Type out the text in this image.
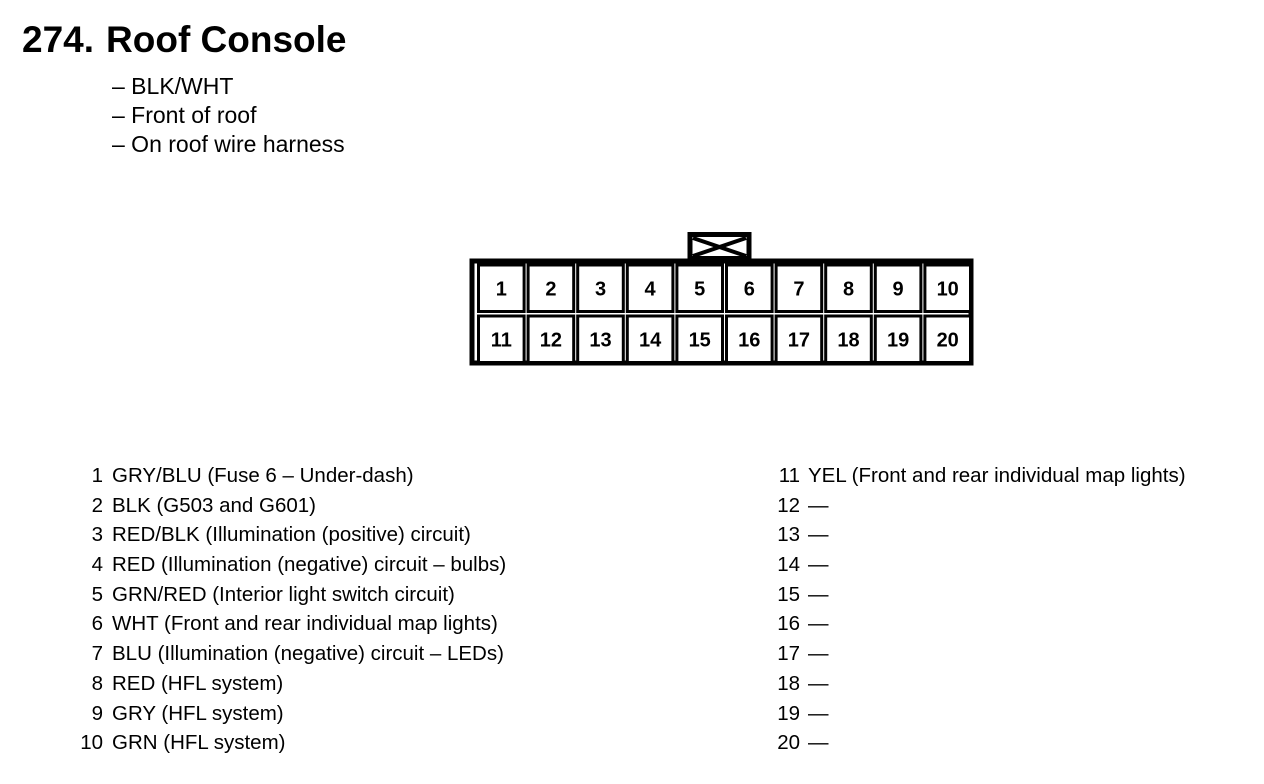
274. Roof Console
– BLK/WHT
– Front of roof
– On roof wire harness
1 2 3 4 5 6 7 8 9 10
11 12 13 14 15 16 17 18 19 20
1 GRY/BLU (Fuse 6 – Under-dash)
2 BLK (G503 and G601)
3 RED/BLK (Illumination (positive) circuit)
4 RED (Illumination (negative) circuit – bulbs)
5 GRN/RED (Interior light switch circuit)
6 WHT (Front and rear individual map lights)
7 BLU (Illumination (negative) circuit – LEDs)
8 RED (HFL system)
9 GRY (HFL system)
10 GRN (HFL system)
11 YEL (Front and rear individual map lights)
12 —
13 —
14 —
15 —
16 —
17 —
18 —
19 —
20 —
